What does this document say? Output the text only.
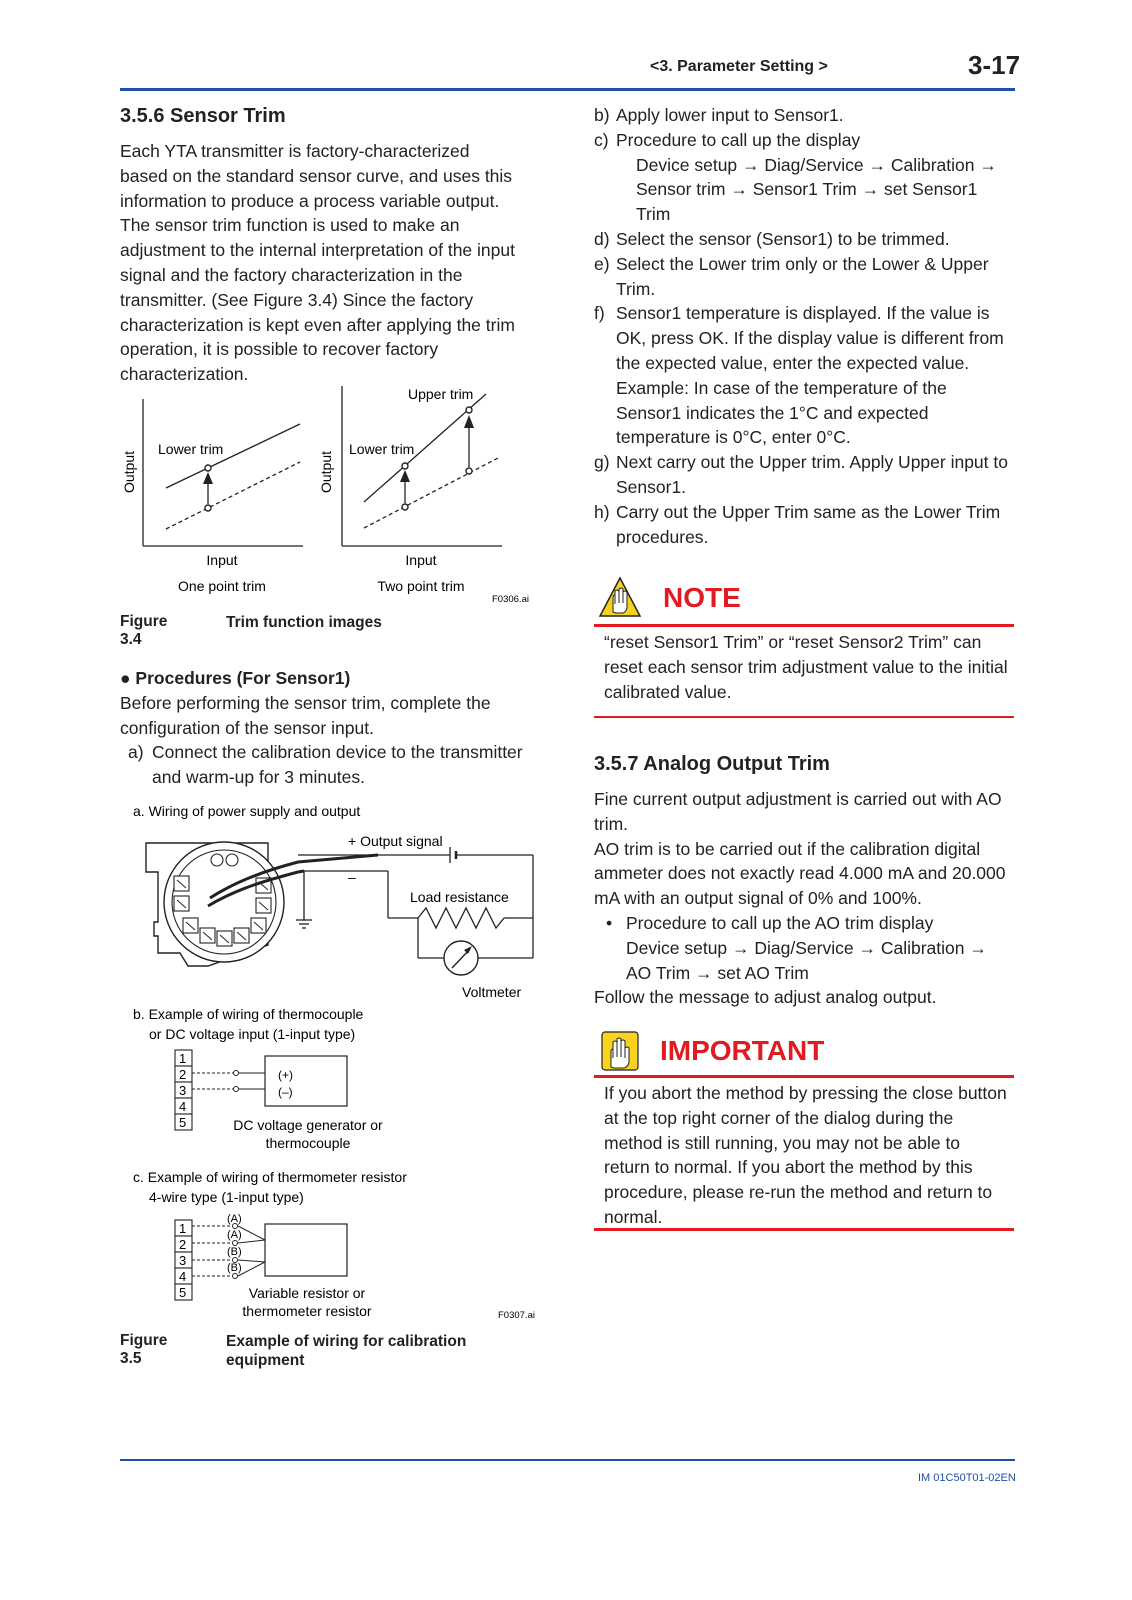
<3. Parameter Setting >	3-17
3.5.6 Sensor Trim

Each YTA transmitter is factory-characterized based on the standard sensor curve, and uses this information to produce a process variable output. The sensor trim function is used to make an adjustment to the internal interpretation of the input signal and the factory characterization in the transmitter. (See Figure 3.4) Since the factory characterization is kept even after applying the trim operation, it is possible to recover factory characterization.

Output
Lower trim
Input
One point trim
Output
Lower trim
Upper trim
Input
Two point trim
F0306.ai
Figure 3.4
Trim function images
● Procedures (For Sensor1)

Before performing the sensor trim, complete the configuration of the sensor input.

a) Connect the calibration device to the transmitter and warm-up for 3 minutes.
a. Wiring of power supply and output
+ Output signal
–
Load resistance
Voltmeter
b. Example of wiring of thermocouple
or DC voltage input (1-input type)
1
2
3
4
5
(+)
(–)
DC voltage generator or
thermocouple
c. Example of wiring of thermometer resistor
4-wire type (1-input type)
1
2
3
4
5
(A)
(A)
(B)
(B)
Variable resistor or
thermometer resistor	F0307.ai
Figure 3.5
Example of wiring for calibration equipment
b) Apply lower input to Sensor1.
c) Procedure to call up the display
Device setup → Diag/Service → Calibration → Sensor trim → Sensor1 Trim → set Sensor1 Trim
d) Select the sensor (Sensor1) to be trimmed.
e) Select the Lower trim only or the Lower & Upper Trim.
f) Sensor1 temperature is displayed. If the value is OK, press OK. If the display value is different from the expected value, enter the expected value.
Example: In case of the temperature of the Sensor1 indicates the 1°C and expected temperature is 0°C, enter 0°C.
g) Next carry out the Upper trim. Apply Upper input to Sensor1.
h) Carry out the Upper Trim same as the Lower Trim procedures.
NOTE
“reset Sensor1 Trim” or “reset Sensor2 Trim” can reset each sensor trim adjustment value to the initial calibrated value.
3.5.7 Analog Output Trim

Fine current output adjustment is carried out with AO trim.

AO trim is to be carried out if the calibration digital ammeter does not exactly read 4.000 mA and 20.000 mA with an output signal of 0% and 100%.

• Procedure to call up the AO trim display
Device setup → Diag/Service → Calibration → AO Trim → set AO Trim

Follow the message to adjust analog output.

IMPORTANT
If you abort the method by pressing the close button at the top right corner of the dialog during the method is still running, you may not be able to return to normal. If you abort the method by this procedure, please re-run the method and return to normal.
IM 01C50T01-02EN
